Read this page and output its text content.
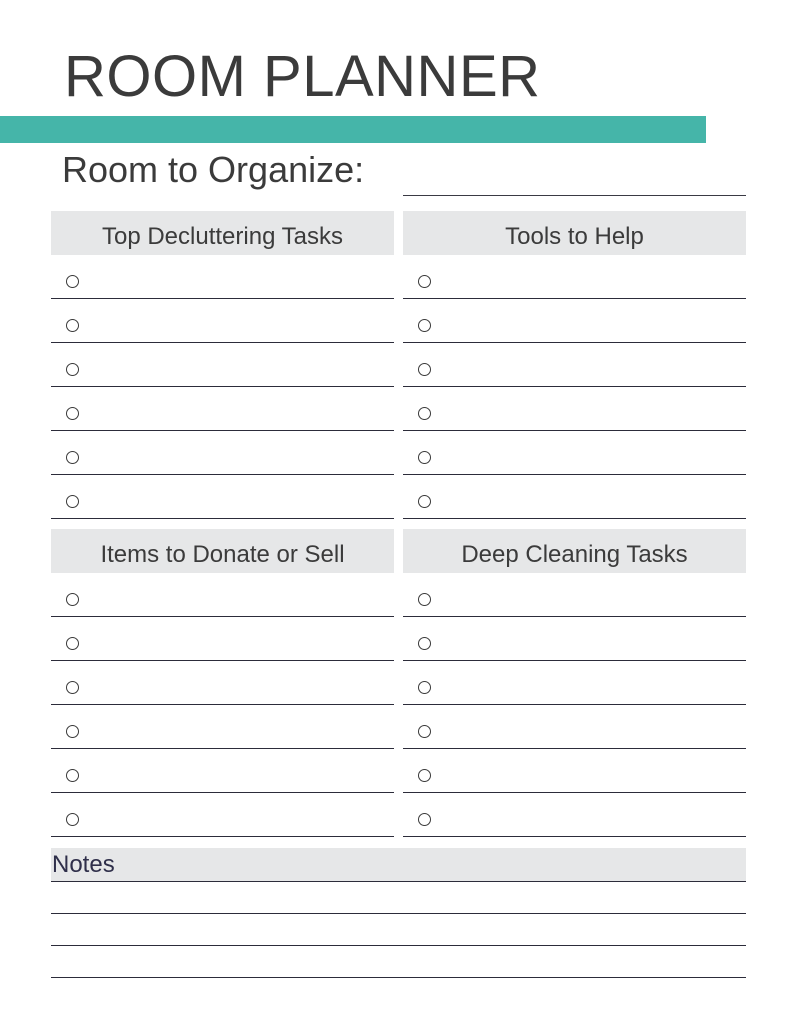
ROOM PLANNER
Room to Organize:
Top Decluttering Tasks	Tools to Help
Items to Donate or Sell	Deep Cleaning Tasks
Notes
